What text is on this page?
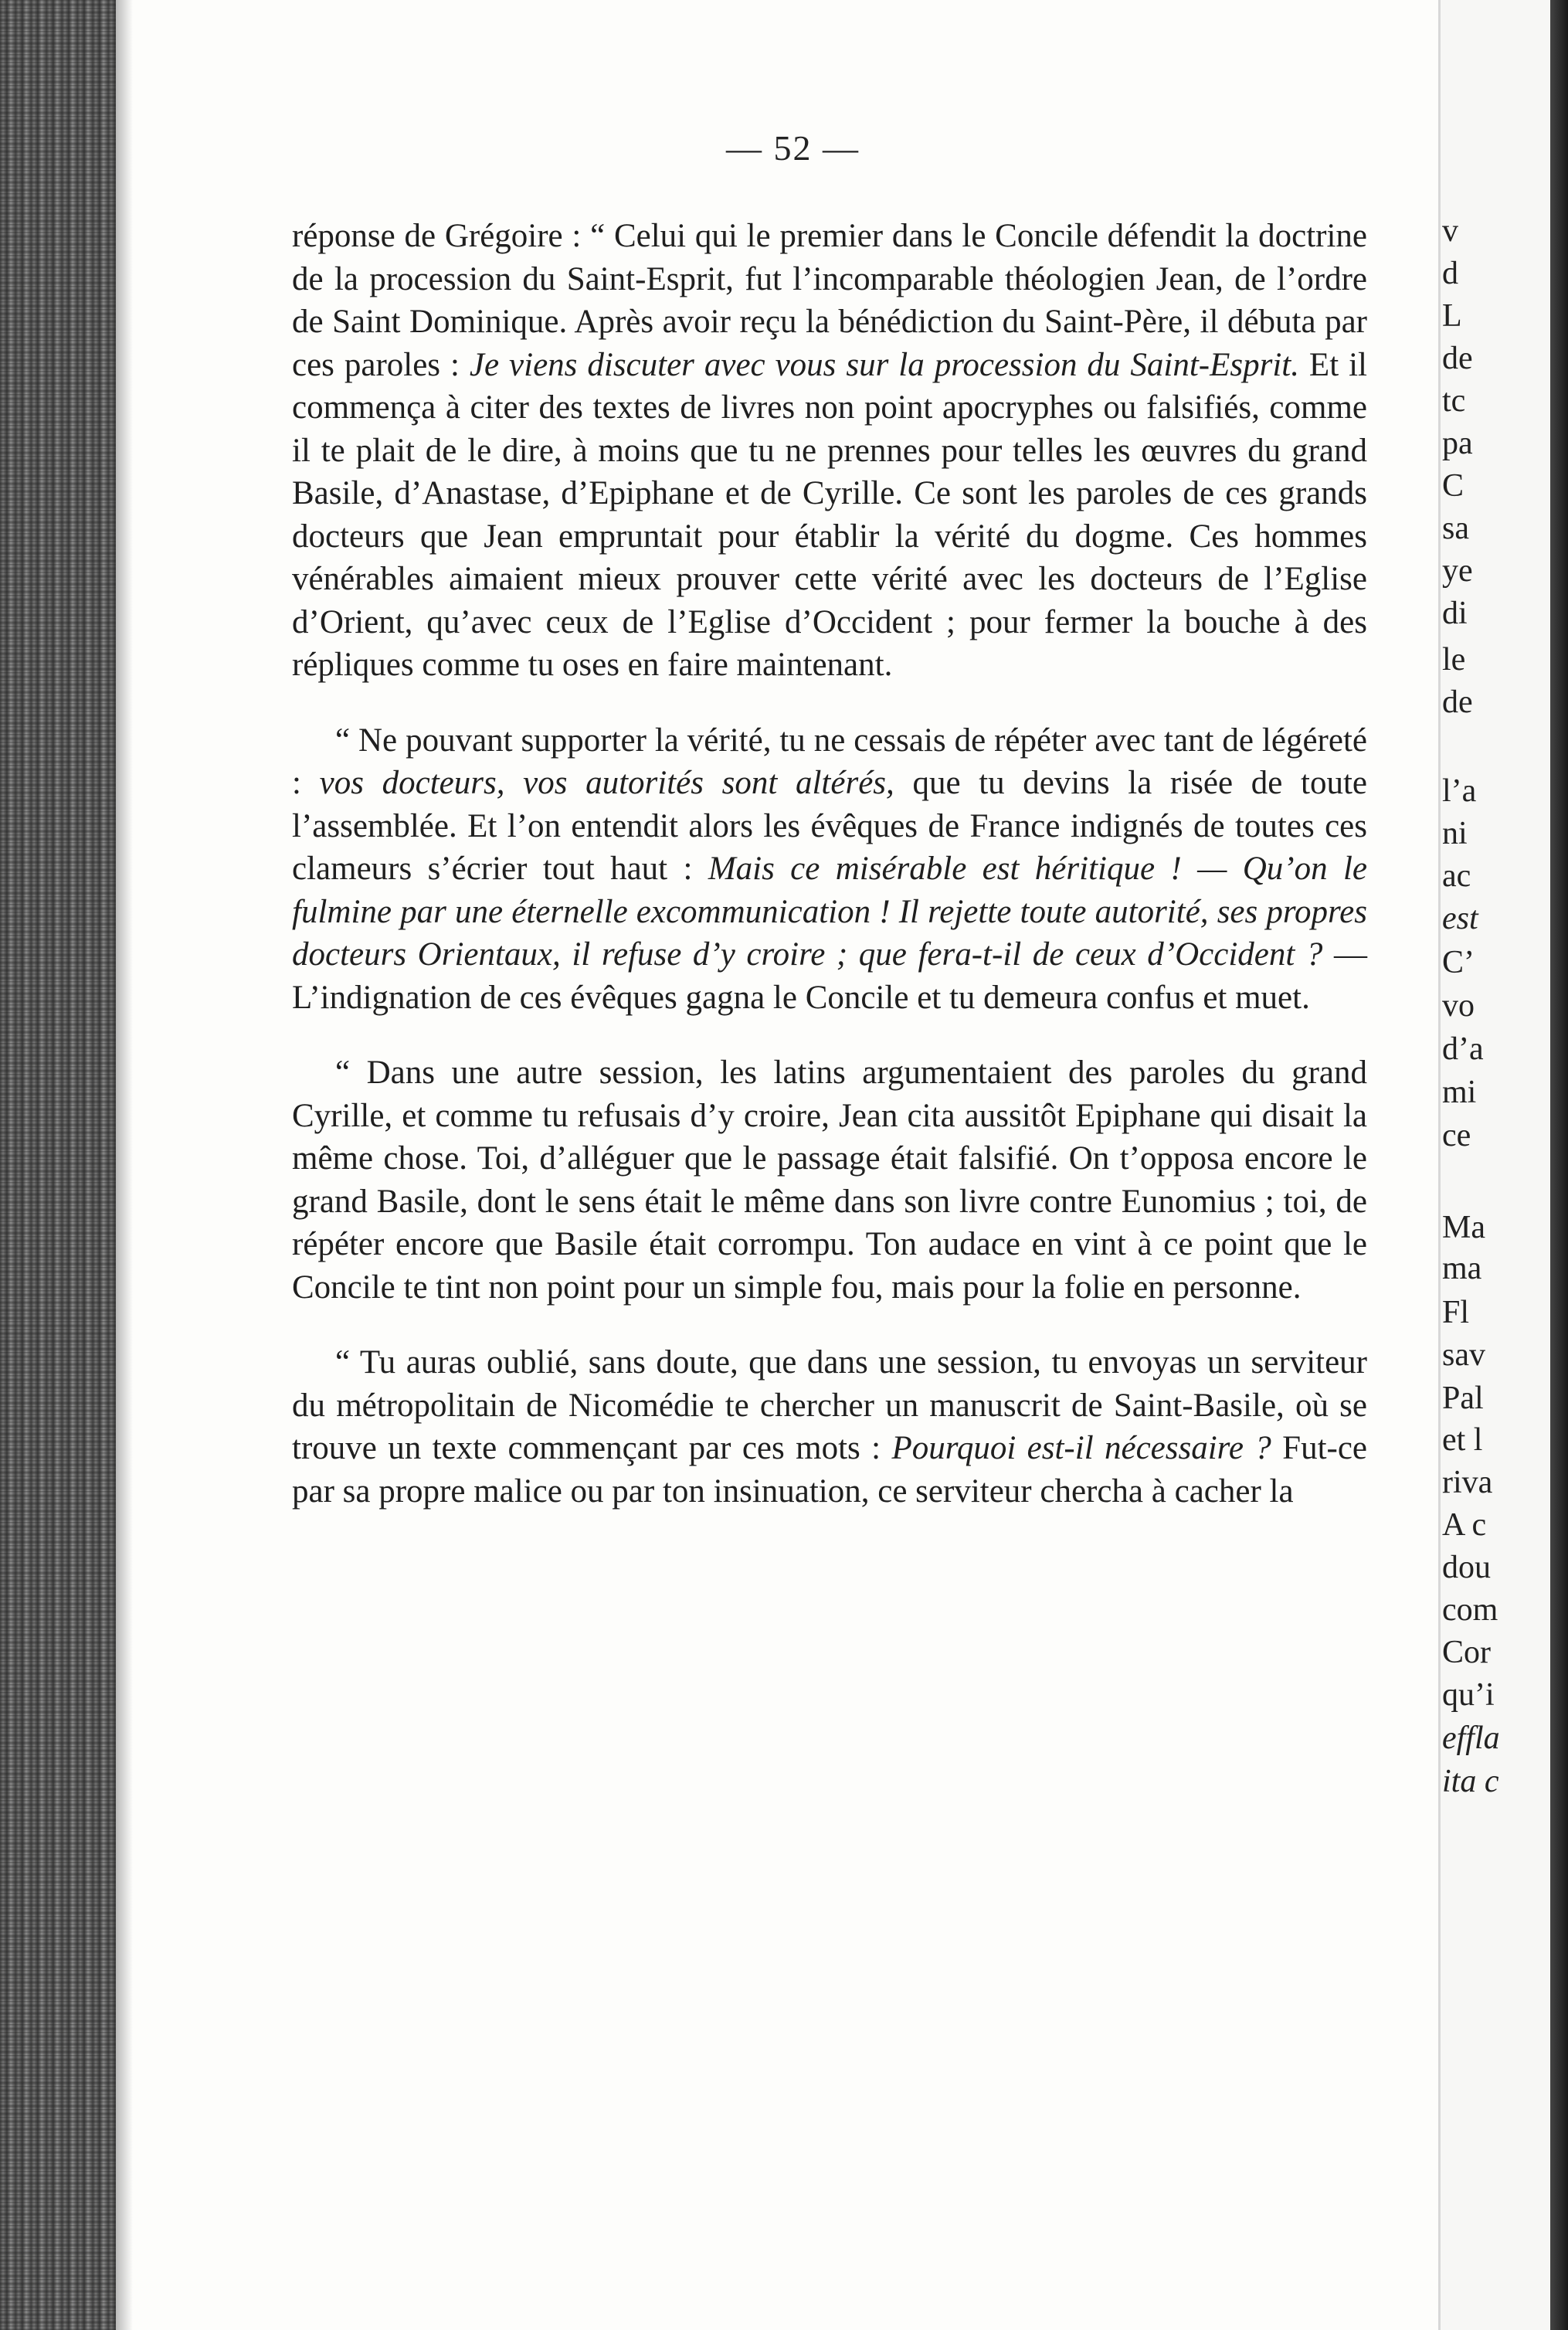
— 52 —

réponse de Grégoire : “ Celui qui le premier dans le Concile défendit la doctrine de la procession du Saint-Esprit, fut l’incomparable théologien Jean, de l’ordre de Saint Dominique. Après avoir reçu la bénédiction du Saint-Père, il débuta par ces paroles : Je viens discuter avec vous sur la procession du Saint-Esprit. Et il commença à citer des textes de livres non point apocryphes ou falsifiés, comme il te plait de le dire, à moins que tu ne prennes pour telles les œuvres du grand Basile, d’Anastase, d’Epiphane et de Cyrille. Ce sont les paroles de ces grands docteurs que Jean empruntait pour établir la vérité du dogme. Ces hommes vénérables aimaient mieux prouver cette vérité avec les docteurs de l’Eglise d’Orient, qu’avec ceux de l’Eglise d’Occident ; pour fermer la bouche à des répliques comme tu oses en faire maintenant.

“ Ne pouvant supporter la vérité, tu ne cessais de répéter avec tant de légéreté : vos docteurs, vos autorités sont altérés, que tu devins la risée de toute l’assemblée. Et l’on entendit alors les évêques de France indignés de toutes ces clameurs s’écrier tout haut : Mais ce misérable est héritique ! — Qu’on le fulmine par une éternelle excommunication ! Il rejette toute autorité, ses propres docteurs Orientaux, il refuse d’y croire ; que fera-t-il de ceux d’Occident ? — L’indignation de ces évêques gagna le Concile et tu demeura confus et muet.

“ Dans une autre session, les latins argumentaient des paroles du grand Cyrille, et comme tu refusais d’y croire, Jean cita aussitôt Epiphane qui disait la même chose. Toi, d’alléguer que le passage était falsifié. On t’opposa encore le grand Basile, dont le sens était le même dans son livre contre Eunomius ; toi, de répéter encore que Basile était corrompu. Ton audace en vint à ce point que le Concile te tint non point pour un simple fou, mais pour la folie en personne.

“ Tu auras oublié, sans doute, que dans une session, tu envoyas un serviteur du métropolitain de Nicomédie te chercher un manuscrit de Saint-Basile, où se trouve un texte commençant par ces mots : Pourquoi est-il nécessaire ? Fut-ce par sa propre malice ou par ton insinuation, ce serviteur chercha à cacher la

v
d
L
de
tc
pa
C
sa
ye
di
le
de
l’a
ni
ac
est
C’
vo
d’a
mi
ce
Ma
ma
Fl
sav
Pal
et l
riva
A c
dou
com
Cor
qu’i
effla
ita c
